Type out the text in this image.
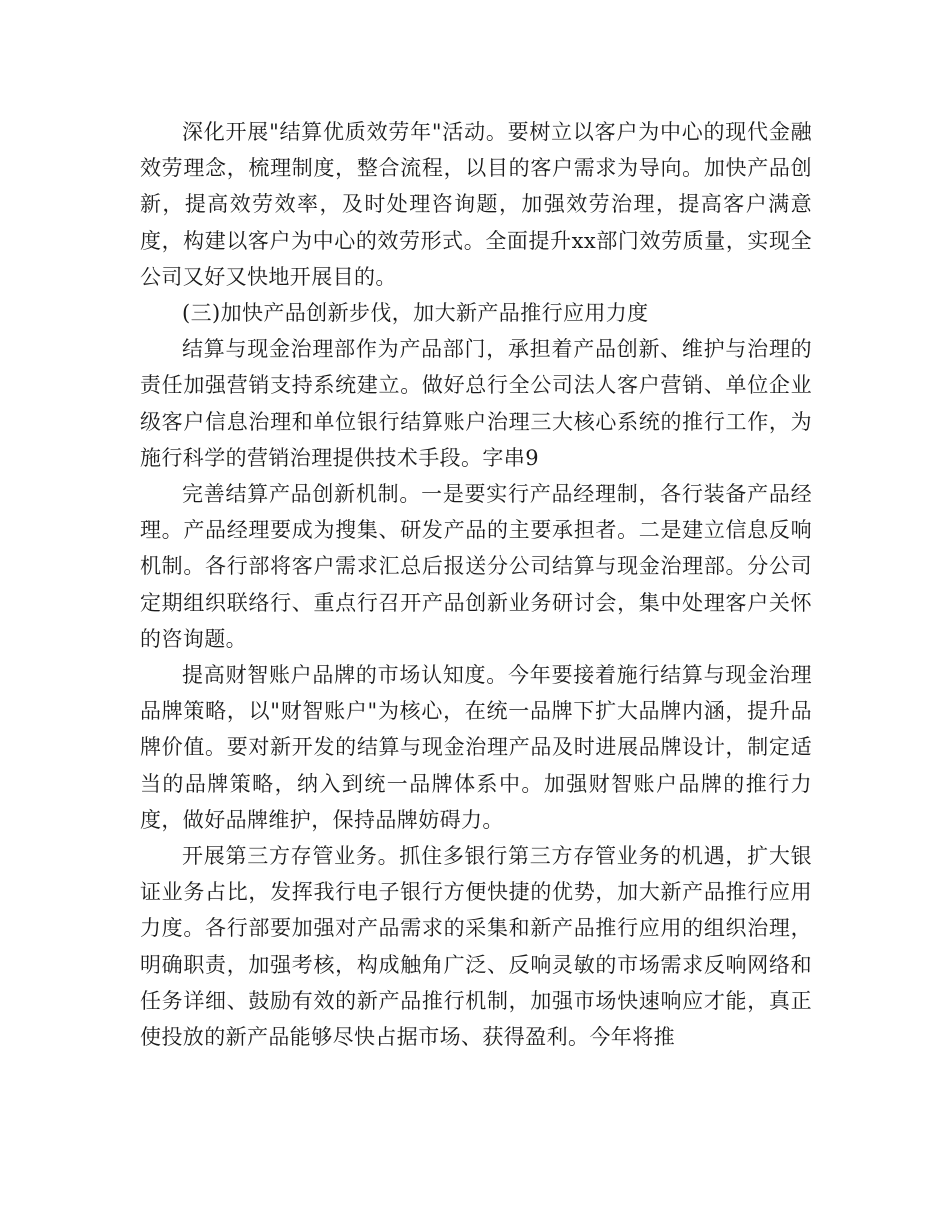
深化开展"结算优质效劳年"活动。要树立以客户为中心的现代金融效劳理念，梳理制度，整合流程，以目的客户需求为导向。加快产品创新，提高效劳效率，及时处理咨询题，加强效劳治理，提高客户满意度，构建以客户为中心的效劳形式。全面提升xx部门效劳质量，实现全公司又好又快地开展目的。

(三)加快产品创新步伐，加大新产品推行应用力度

结算与现金治理部作为产品部门，承担着产品创新、维护与治理的责任加强营销支持系统建立。做好总行全公司法人客户营销、单位企业级客户信息治理和单位银行结算账户治理三大核心系统的推行工作，为施行科学的营销治理提供技术手段。字串9

完善结算产品创新机制。一是要实行产品经理制，各行装备产品经理。产品经理要成为搜集、研发产品的主要承担者。二是建立信息反响机制。各行部将客户需求汇总后报送分公司结算与现金治理部。分公司定期组织联络行、重点行召开产品创新业务研讨会，集中处理客户关怀的咨询题。

提高财智账户品牌的市场认知度。今年要接着施行结算与现金治理品牌策略，以"财智账户"为核心，在统一品牌下扩大品牌内涵，提升品牌价值。要对新开发的结算与现金治理产品及时进展品牌设计，制定适当的品牌策略，纳入到统一品牌体系中。加强财智账户品牌的推行力度，做好品牌维护，保持品牌妨碍力。

开展第三方存管业务。抓住多银行第三方存管业务的机遇，扩大银证业务占比，发挥我行电子银行方便快捷的优势，加大新产品推行应用力度。各行部要加强对产品需求的采集和新产品推行应用的组织治理，明确职责，加强考核，构成触角广泛、反响灵敏的市场需求反响网络和任务详细、鼓励有效的新产品推行机制，加强市场快速响应才能，真正使投放的新产品能够尽快占据市场、获得盈利。今年将推
